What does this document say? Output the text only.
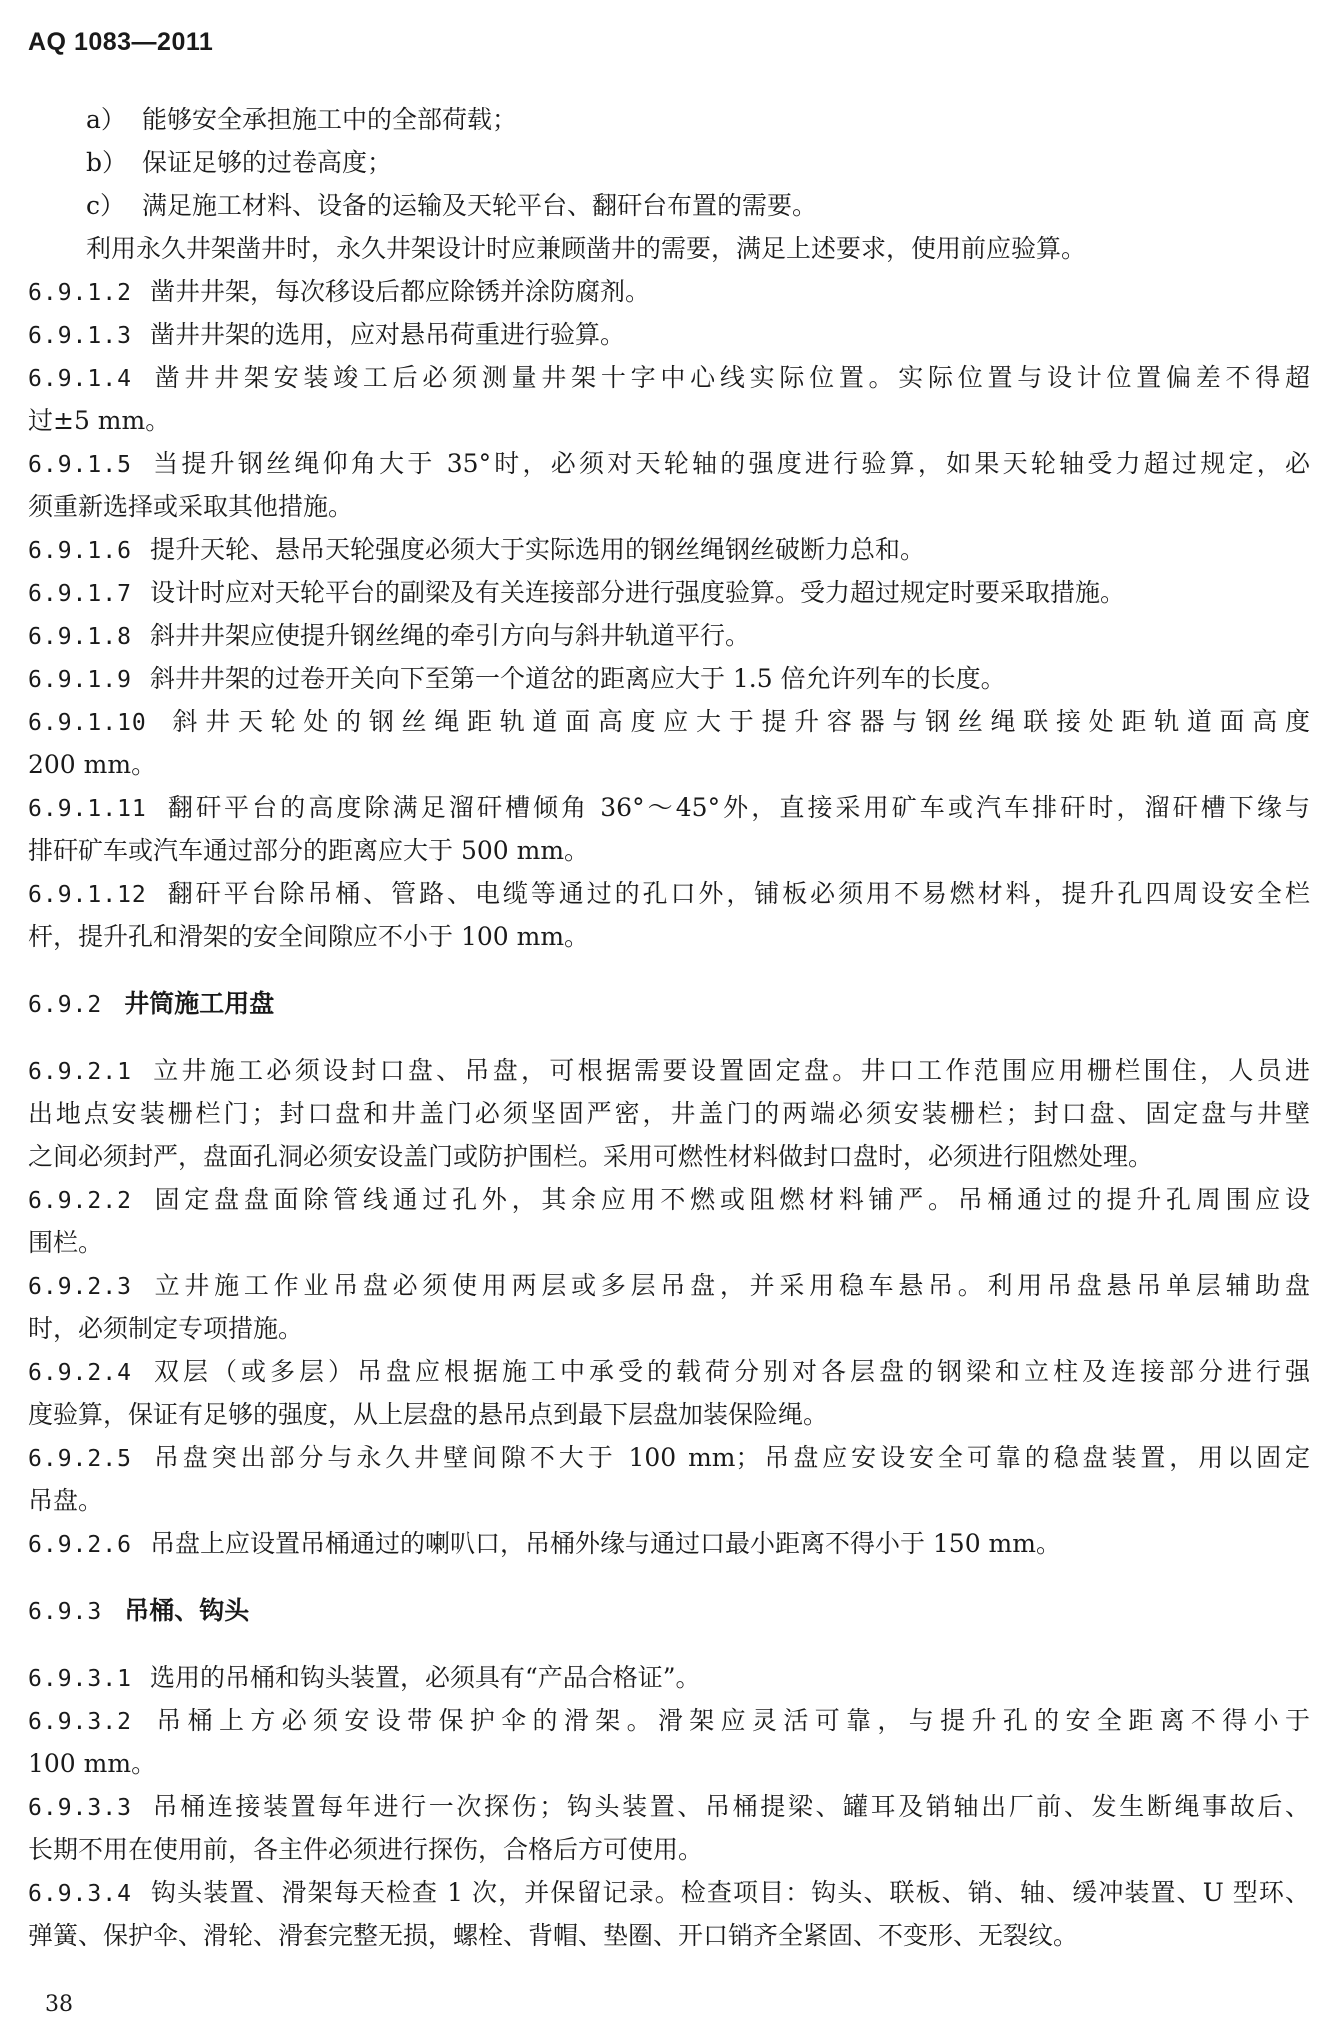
AQ 1083—2011
a） 能够安全承担施工中的全部荷载；
b） 保证足够的过卷高度；
c） 满足施工材料、设备的运输及天轮平台、翻矸台布置的需要。
利用永久井架凿井时，永久井架设计时应兼顾凿井的需要，满足上述要求，使用前应验算。
6.9.1.2 凿井井架，每次移设后都应除锈并涂防腐剂。
6.9.1.3 凿井井架的选用，应对悬吊荷重进行验算。
6.9.1.4 凿井井架安装竣工后必须测量井架十字中心线实际位置。实际位置与设计位置偏差不得超
过±5 mm。
6.9.1.5 当提升钢丝绳仰角大于 35°时，必须对天轮轴的强度进行验算，如果天轮轴受力超过规定，必
须重新选择或采取其他措施。
6.9.1.6 提升天轮、悬吊天轮强度必须大于实际选用的钢丝绳钢丝破断力总和。
6.9.1.7 设计时应对天轮平台的副梁及有关连接部分进行强度验算。受力超过规定时要采取措施。
6.9.1.8 斜井井架应使提升钢丝绳的牵引方向与斜井轨道平行。
6.9.1.9 斜井井架的过卷开关向下至第一个道岔的距离应大于 1.5 倍允许列车的长度。
6.9.1.10 斜井天轮处的钢丝绳距轨道面高度应大于提升容器与钢丝绳联接处距轨道面高度
200 mm。
6.9.1.11 翻矸平台的高度除满足溜矸槽倾角 36°～45°外，直接采用矿车或汽车排矸时，溜矸槽下缘与
排矸矿车或汽车通过部分的距离应大于 500 mm。
6.9.1.12 翻矸平台除吊桶、管路、电缆等通过的孔口外，铺板必须用不易燃材料，提升孔四周设安全栏
杆，提升孔和滑架的安全间隙应不小于 100 mm。
6.9.2 井筒施工用盘
6.9.2.1 立井施工必须设封口盘、吊盘，可根据需要设置固定盘。井口工作范围应用栅栏围住，人员进
出地点安装栅栏门；封口盘和井盖门必须坚固严密，井盖门的两端必须安装栅栏；封口盘、固定盘与井壁
之间必须封严，盘面孔洞必须安设盖门或防护围栏。采用可燃性材料做封口盘时，必须进行阻燃处理。
6.9.2.2 固定盘盘面除管线通过孔外，其余应用不燃或阻燃材料铺严。吊桶通过的提升孔周围应设
围栏。
6.9.2.3 立井施工作业吊盘必须使用两层或多层吊盘，并采用稳车悬吊。利用吊盘悬吊单层辅助盘
时，必须制定专项措施。
6.9.2.4 双层（或多层）吊盘应根据施工中承受的载荷分别对各层盘的钢梁和立柱及连接部分进行强
度验算，保证有足够的强度，从上层盘的悬吊点到最下层盘加装保险绳。
6.9.2.5 吊盘突出部分与永久井壁间隙不大于 100 mm；吊盘应安设安全可靠的稳盘装置，用以固定
吊盘。
6.9.2.6 吊盘上应设置吊桶通过的喇叭口，吊桶外缘与通过口最小距离不得小于 150 mm。
6.9.3 吊桶、钩头
6.9.3.1 选用的吊桶和钩头装置，必须具有“产品合格证”。
6.9.3.2 吊桶上方必须安设带保护伞的滑架。滑架应灵活可靠，与提升孔的安全距离不得小于
100 mm。
6.9.3.3 吊桶连接装置每年进行一次探伤；钩头装置、吊桶提梁、罐耳及销轴出厂前、发生断绳事故后、
长期不用在使用前，各主件必须进行探伤，合格后方可使用。
6.9.3.4 钩头装置、滑架每天检查 1 次，并保留记录。检查项目：钩头、联板、销、轴、缓冲装置、U 型环、
弹簧、保护伞、滑轮、滑套完整无损，螺栓、背帽、垫圈、开口销齐全紧固、不变形、无裂纹。
38
